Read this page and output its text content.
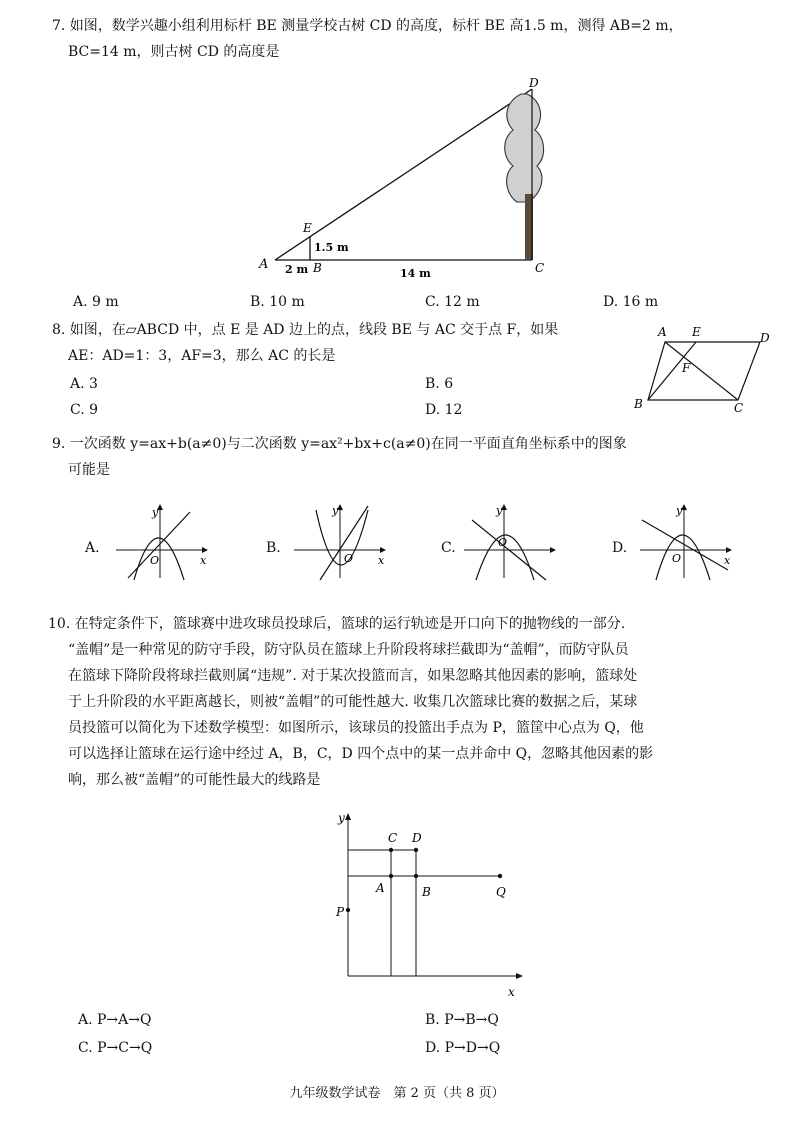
7. 如图，数学兴趣小组利用标杆 BE 测量学校古树 CD 的高度，标杆 BE 高1.5 m，测得 AB=2 m，
BC=14 m，则古树 CD 的高度是
A	B	C
D
E
1.5 m
2 m	14 m
A. 9 m	B. 10 m	C. 12 m	D. 16 m
8. 如图，在▱ABCD 中，点 E 是 AD 边上的点，线段 BE 与 AC 交于点 F，如果
AE：AD=1：3，AF=3，那么 AC 的长是
A. 3	B. 6
C. 9	D. 12
A E	D
F
B	C
9. 一次函数 y=ax+b(a≠0)与二次函数 y=ax²+bx+c(a≠0)在同一平面直角坐标系中的图象
可能是
A.	B.	C.	D.
y
x
O
y
x
O
y
O
y
x
O
10. 在特定条件下，篮球赛中进攻球员投球后，篮球的运行轨迹是开口向下的抛物线的一部分.
“盖帽”是一种常见的防守手段，防守队员在篮球上升阶段将球拦截即为“盖帽”，而防守队员
在篮球下降阶段将球拦截则属“违规”. 对于某次投篮而言，如果忽略其他因素的影响，篮球处
于上升阶段的水平距离越长，则被“盖帽”的可能性越大. 收集几次篮球比赛的数据之后，某球
员投篮可以简化为下述数学模型：如图所示，该球员的投篮出手点为 P，篮筐中心点为 Q，他
可以选择让篮球在运行途中经过 A，B，C，D 四个点中的某一点并命中 Q，忽略其他因素的影
响，那么被“盖帽”的可能性最大的线路是
y
x
C D
A	B
P
Q
A. P→A→Q	B. P→B→Q
C. P→C→Q	D. P→D→Q
九年级数学试卷　第 2 页（共 8 页）
